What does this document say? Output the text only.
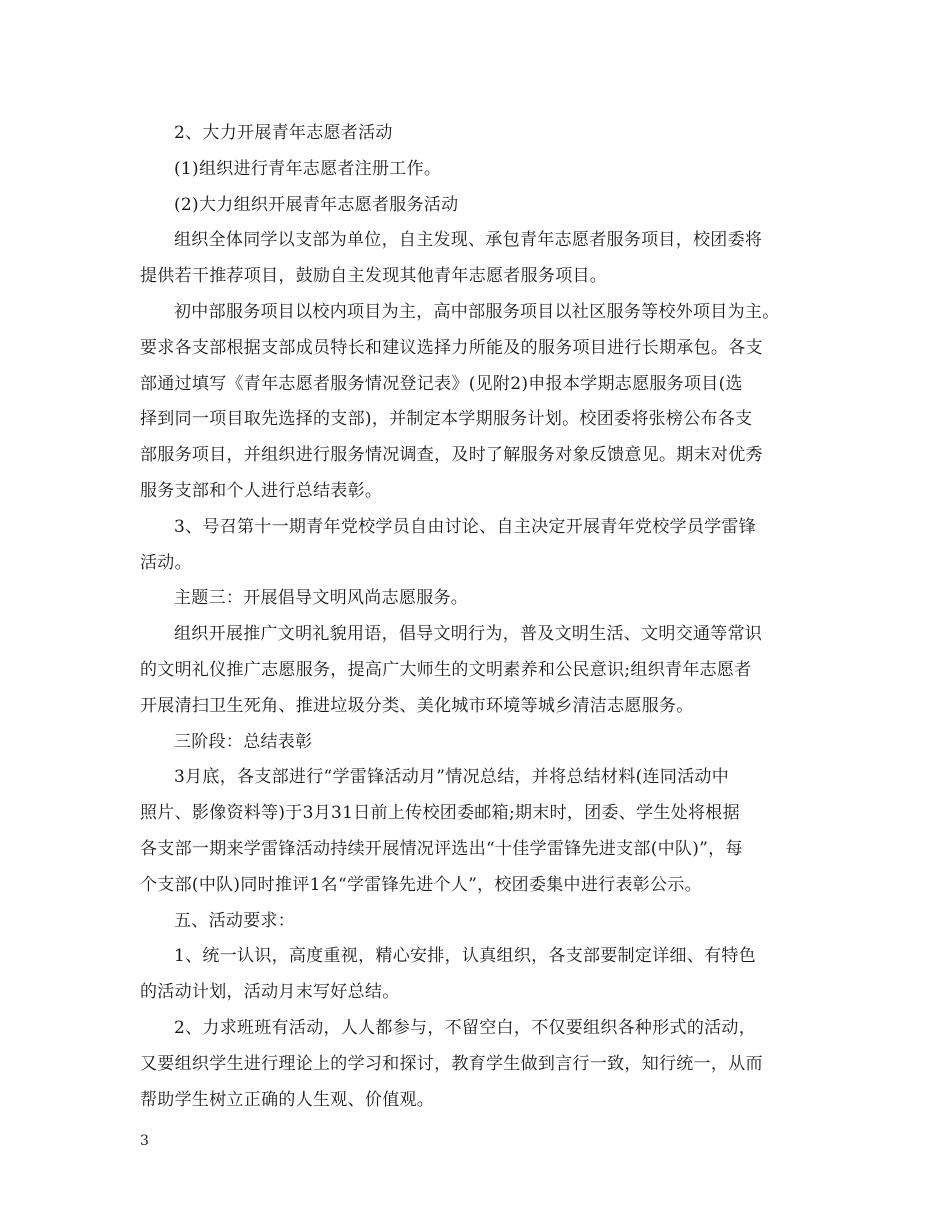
2、大力开展青年志愿者活动

(1)组织进行青年志愿者注册工作。

(2)大力组织开展青年志愿者服务活动

组织全体同学以支部为单位，自主发现、承包青年志愿者服务项目，校团委将
提供若干推荐项目，鼓励自主发现其他青年志愿者服务项目。

初中部服务项目以校内项目为主，高中部服务项目以社区服务等校外项目为主。
要求各支部根据支部成员特长和建议选择力所能及的服务项目进行长期承包。各支
部通过填写《青年志愿者服务情况登记表》(见附2)申报本学期志愿服务项目(选
择到同一项目取先选择的支部)，并制定本学期服务计划。校团委将张榜公布各支
部服务项目，并组织进行服务情况调查，及时了解服务对象反馈意见。期末对优秀
服务支部和个人进行总结表彰。

3、号召第十一期青年党校学员自由讨论、自主决定开展青年党校学员学雷锋
活动。

主题三：开展倡导文明风尚志愿服务。

组织开展推广文明礼貌用语，倡导文明行为，普及文明生活、文明交通等常识
的文明礼仪推广志愿服务，提高广大师生的文明素养和公民意识;组织青年志愿者
开展清扫卫生死角、推进垃圾分类、美化城市环境等城乡清洁志愿服务。

三阶段：总结表彰

3月底，各支部进行“学雷锋活动月”情况总结，并将总结材料(连同活动中
照片、影像资料等)于3月31日前上传校团委邮箱;期末时，团委、学生处将根据
各支部一期来学雷锋活动持续开展情况评选出“十佳学雷锋先进支部(中队)”，每
个支部(中队)同时推评1名“学雷锋先进个人”，校团委集中进行表彰公示。

五、活动要求：

1、统一认识，高度重视，精心安排，认真组织，各支部要制定详细、有特色
的活动计划，活动月末写好总结。

2、力求班班有活动，人人都参与，不留空白，不仅要组织各种形式的活动，
又要组织学生进行理论上的学习和探讨，教育学生做到言行一致，知行统一，从而
帮助学生树立正确的人生观、价值观。

3
